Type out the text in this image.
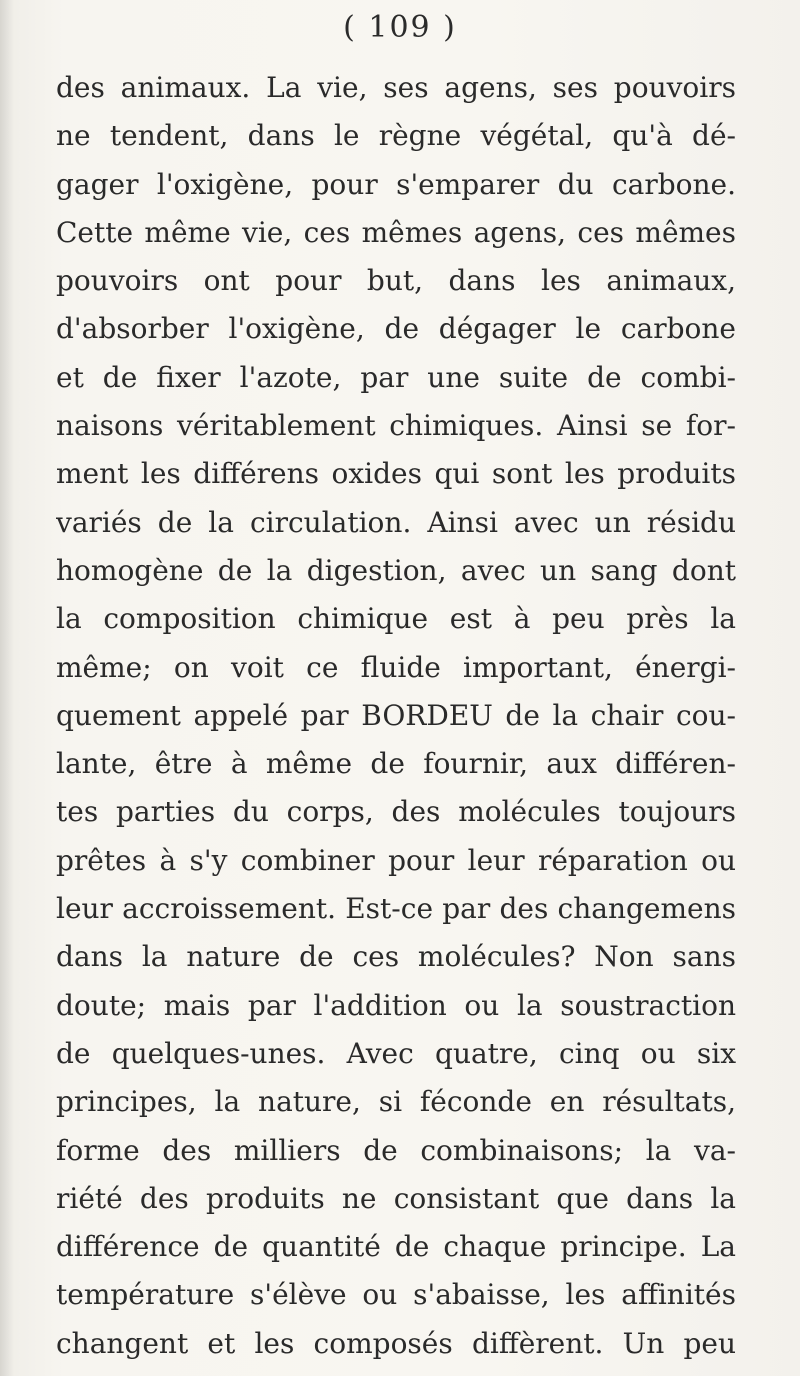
( 109 )
des animaux. La vie, ses agens, ses pouvoirs
ne tendent, dans le règne végétal, qu'à dé-
gager l'oxigène, pour s'emparer du carbone.
Cette même vie, ces mêmes agens, ces mêmes
pouvoirs ont pour but, dans les animaux,
d'absorber l'oxigène, de dégager le carbone
et de fixer l'azote, par une suite de combi-
naisons véritablement chimiques. Ainsi se for-
ment les différens oxides qui sont les produits
variés de la circulation. Ainsi avec un résidu
homogène de la digestion, avec un sang dont
la composition chimique est à peu près la
même; on voit ce fluide important, énergi-
quement appelé par BORDEU de la chair cou-
lante, être à même de fournir, aux différen-
tes parties du corps, des molécules toujours
prêtes à s'y combiner pour leur réparation ou
leur accroissement. Est-ce par des changemens
dans la nature de ces molécules? Non sans
doute; mais par l'addition ou la soustraction
de quelques-unes. Avec quatre, cinq ou six
principes, la nature, si féconde en résultats,
forme des milliers de combinaisons; la va-
riété des produits ne consistant que dans la
différence de quantité de chaque principe. La
température s'élève ou s'abaisse, les affinités
changent et les composés diffèrent. Un peu
